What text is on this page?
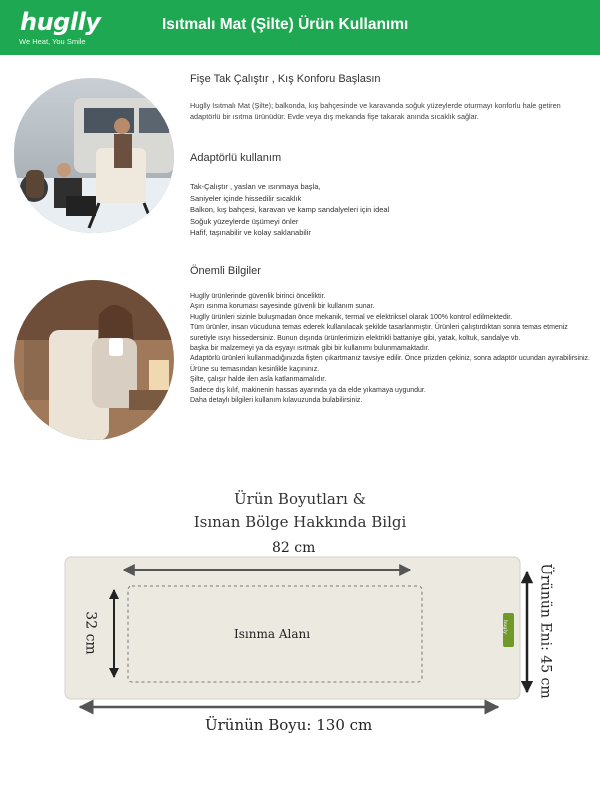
huglly
We Heat, You Smile
Isıtmalı Mat (Şilte) Ürün Kullanımı
Fişe Tak Çalıştır , Kış Konforu Başlasın
Huglly Isıtmalı Mat (Şilte); balkonda, kış bahçesinde ve karavanda soğuk yüzeylerde oturmayı konforlu hale getiren adaptörlü bir ısıtma ürünüdür. Evde veya dış mekanda fişe takarak anında sıcaklık sağlar.
Adaptörlü kullanım
Tak-Çalıştır , yaslan ve ısınmaya başla,
Saniyeler içinde hissedilir sıcaklık
Balkon, kış bahçesi, karavan ve kamp sandalyeleri için ideal
Soğuk yüzeylerde üşümeyi önler
Hafif, taşınabilir ve kolay saklanabilir
Önemli Bilgiler
Huglly ürünlerinde güvenlik birinci önceliktir.
Aşırı ısınma koruması sayesinde güvenli bir kullanım sunar.
Huglly ürünleri sizinle buluşmadan önce mekanik, termal ve elektriksel olarak 100% kontrol edilmektedir.
Tüm ürünler, insan vücuduna temas ederek kullanılacak şekilde tasarlanmıştır. Ürünleri çalıştırdıktan sonra temas etmeniz suretiyle ısıyı hissedersiniz. Bunun dışında ürünlerimizin elektrikli battaniye gibi, yatak, koltuk, sandalye vb.
başka bir malzemeyi ya da eşyayı ısıtmak gibi bir kullanımı bulunmamaktadır.
Adaptörlü ürünleri kullanmadığınızda fişten çıkartmanız tavsiye edilir. Önce prizden çekiniz, sonra adaptör ucundan ayırabilirsiniz.
Ürüne su temasından kesinlikle kaçınınız.
Şilte, çalışır halde ilen asla katlanmamalıdır.
Sadece dış kılıf, makinenin hassas ayarında ya da elde yıkamaya uygundur.
Daha detaylı bilgileri kullanım kılavuzunda bulabilirsiniz.
Ürün Boyutları &
Isınan Bölge Hakkında Bilgi
82 cm
32 cm	Isınma Alanı	Ürünün Eni: 45 cm
hugly
Ürünün Boyu: 130 cm
